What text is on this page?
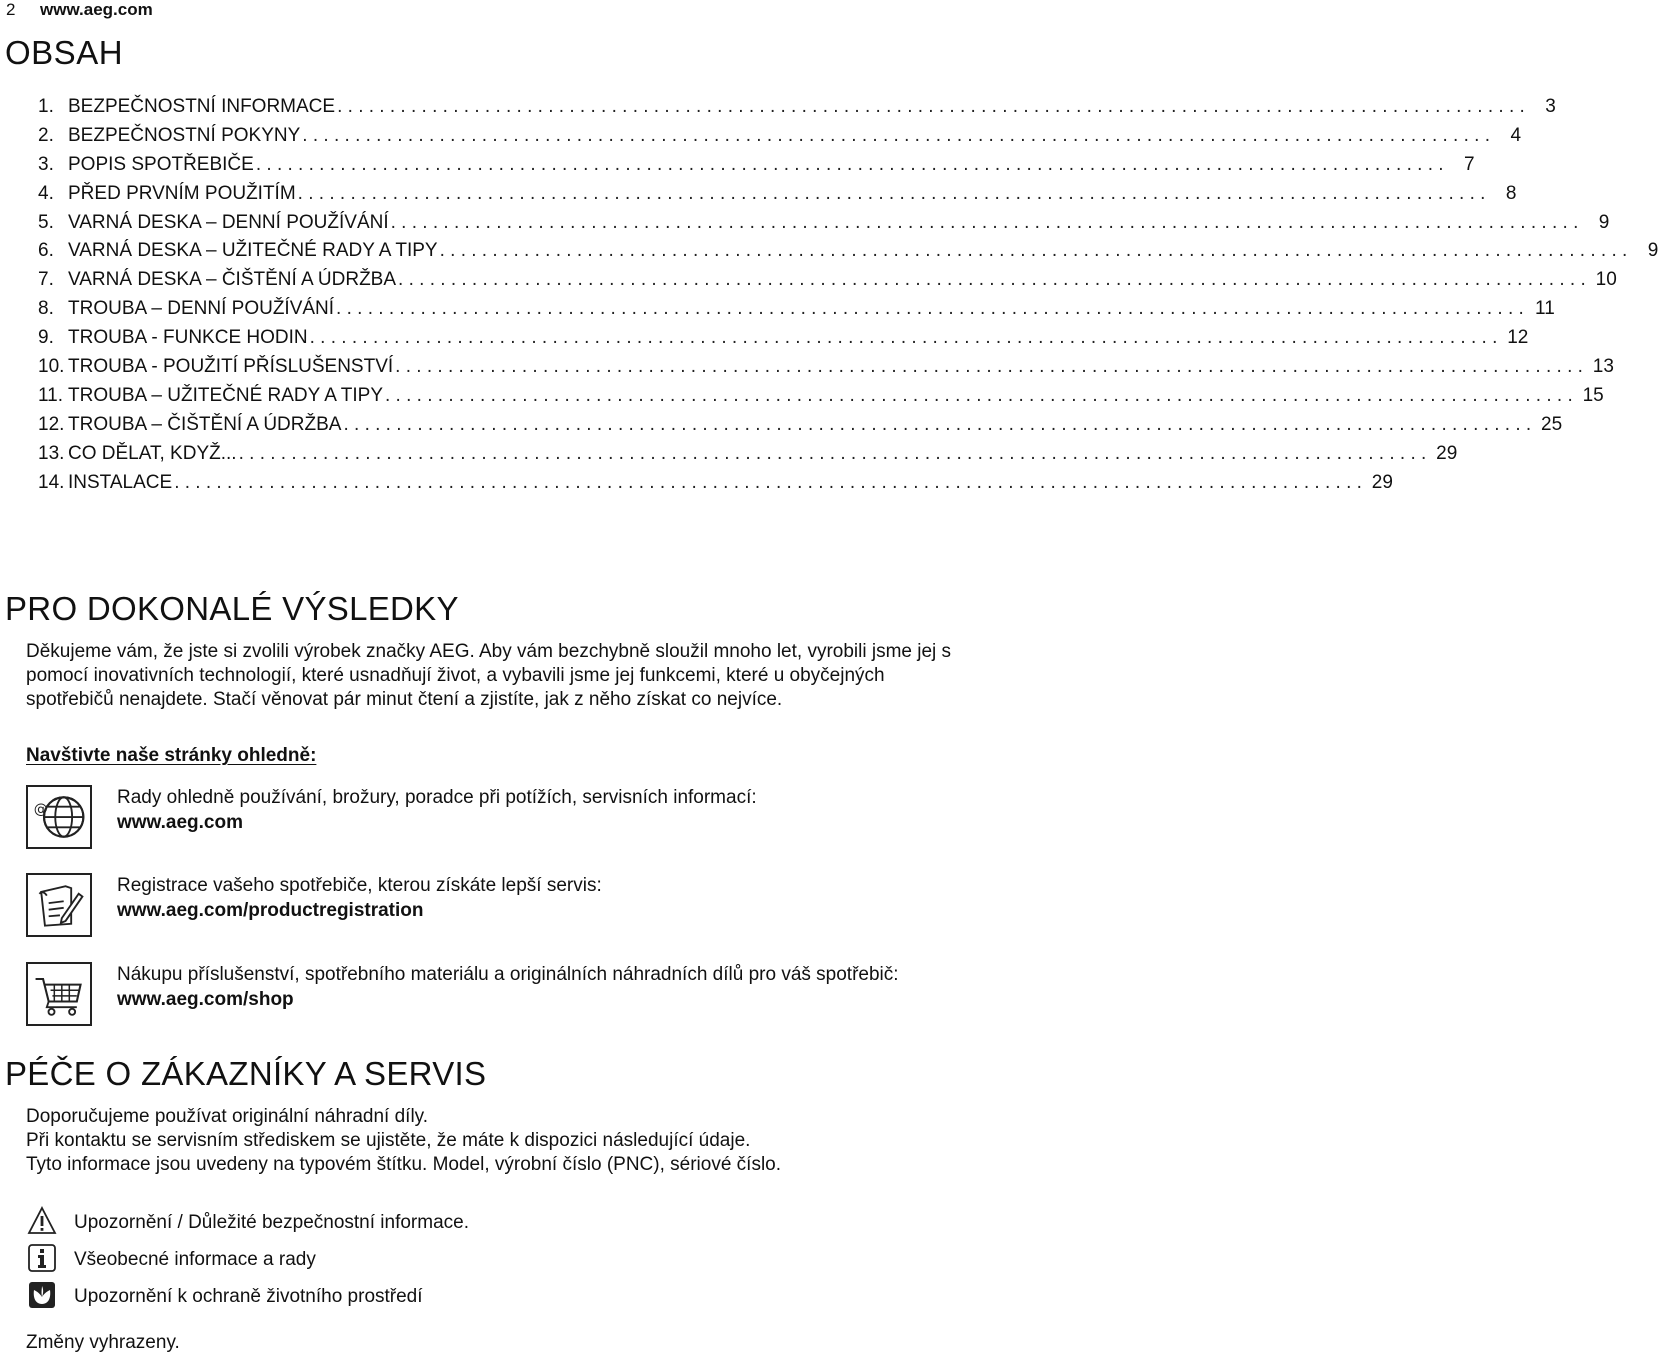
2 www.aeg.com
OBSAH
1. BEZPEČNOSTNÍ INFORMACE . . .	3
2. BEZPEČNOSTNÍ POKYNY . . .	4
3. POPIS SPOTŘEBIČE . . .	7
4. PŘED PRVNÍM POUŽITÍM . . .	8
5. VARNÁ DESKA – DENNÍ POUŽÍVÁNÍ . . .	9
6. VARNÁ DESKA – UŽITEČNÉ RADY A TIPY . . .	9
7. VARNÁ DESKA – ČIŠTĚNÍ A ÚDRŽBA . . .	10
8. TROUBA – DENNÍ POUŽÍVÁNÍ . . .	11
9. TROUBA - FUNKCE HODIN . . .	12
10. TROUBA - POUŽITÍ PŘÍSLUŠENSTVÍ . . .	13
11. TROUBA – UŽITEČNÉ RADY A TIPY . . .	15
12. TROUBA – ČIŠTĚNÍ A ÚDRŽBA . . .	25
13. CO DĚLAT, KDYŽ... . . .	29
14. INSTALACE . . .	29
PRO DOKONALÉ VÝSLEDKY
Děkujeme vám, že jste si zvolili výrobek značky AEG. Aby vám bezchybně sloužil mnoho let, vyrobili jsme jej s pomocí inovativních technologií, které usnadňují život, a vybavili jsme jej funkcemi, které u obyčejných spotřebičů nenajdete. Stačí věnovat pár minut čtení a zjistíte, jak z něho získat co nejvíce.
Navštivte naše stránky ohledně:
@
Rady ohledně používání, brožury, poradce při potížích, servisních informací:
www.aeg.com
Registrace vašeho spotřebiče, kterou získáte lepší servis:
www.aeg.com/productregistration
Nákupu příslušenství, spotřebního materiálu a originálních náhradních dílů pro váš spotřebič:
www.aeg.com/shop
PÉČE O ZÁKAZNÍKY A SERVIS

Doporučujeme používat originální náhradní díly.

Při kontaktu se servisním střediskem se ujistěte, že máte k dispozici následující údaje.

Tyto informace jsou uvedeny na typovém štítku. Model, výrobní číslo (PNC), sériové číslo.

Upozornění / Důležité bezpečnostní informace.
Všeobecné informace a rady
Upozornění k ochraně životního prostředí
Změny vyhrazeny.
